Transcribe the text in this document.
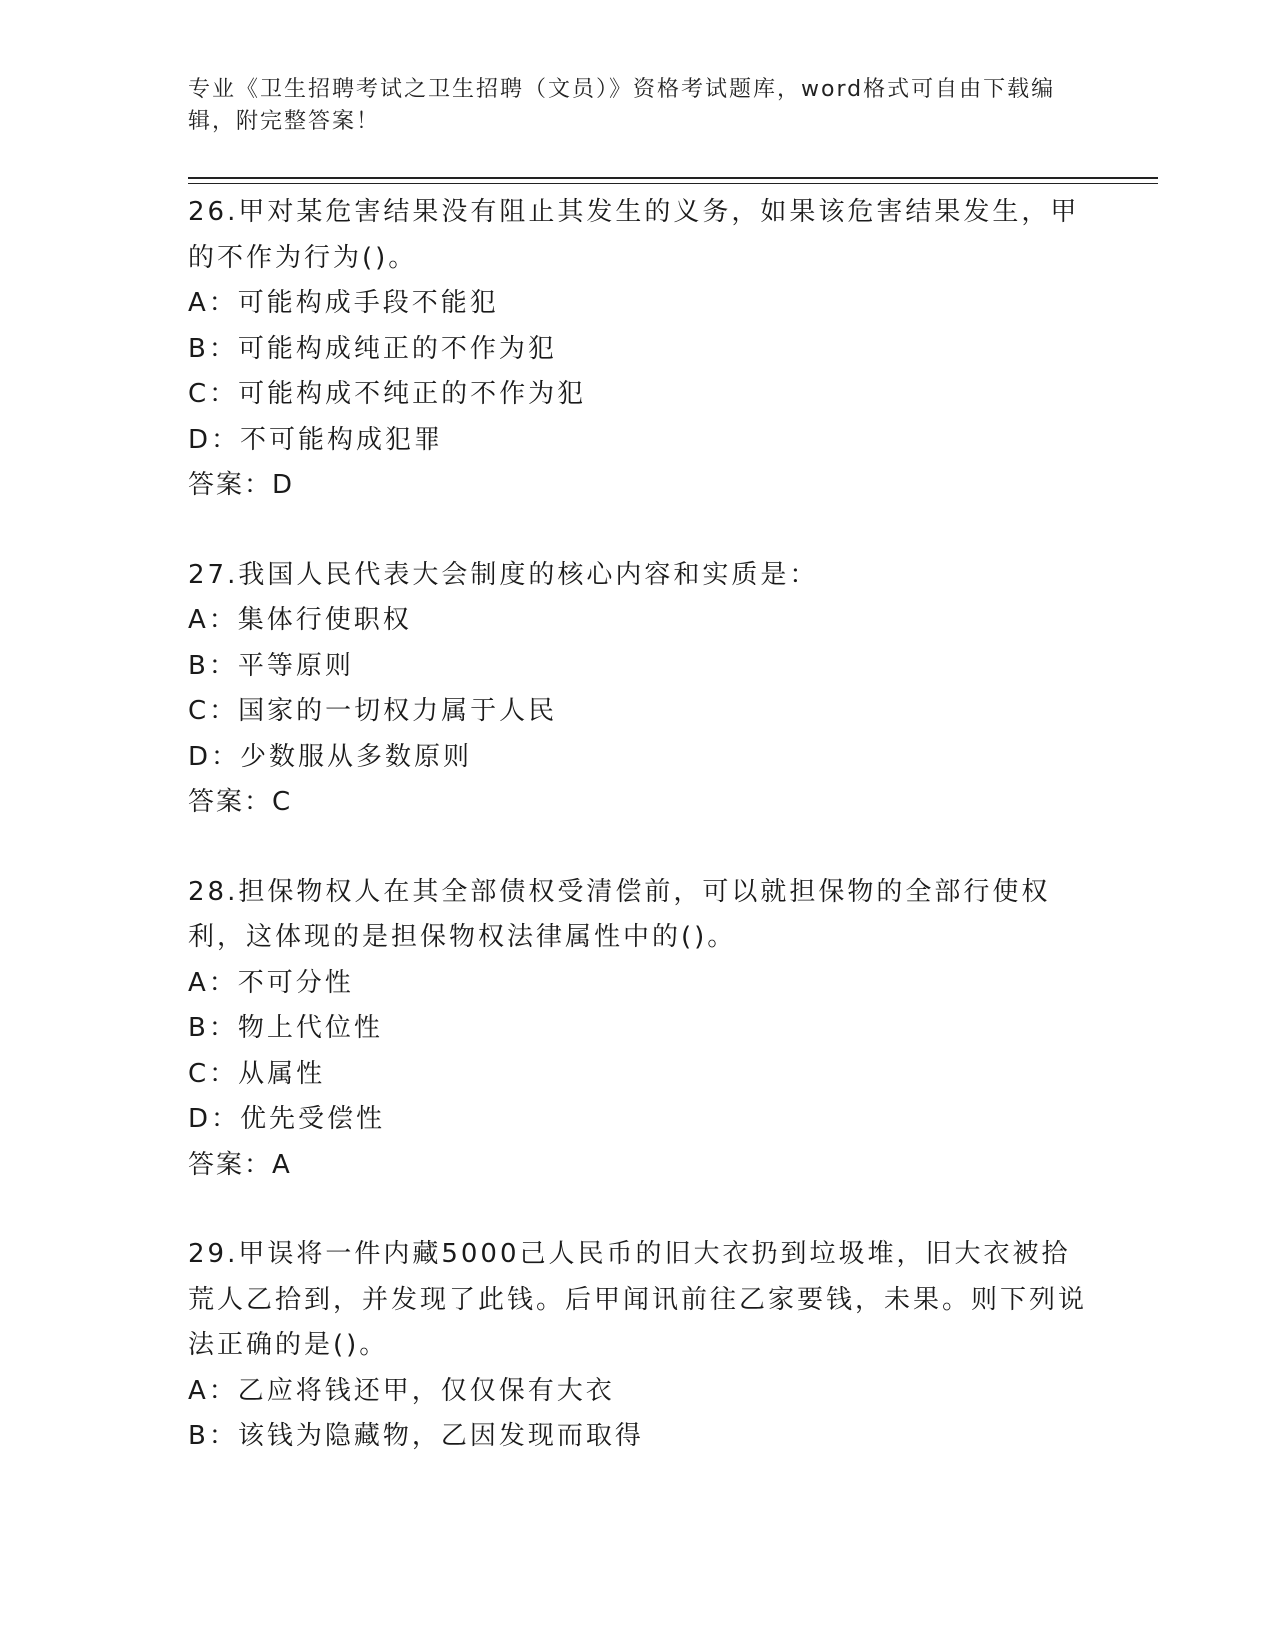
专业《卫生招聘考试之卫生招聘（文员）》资格考试题库，word格式可自由下载编辑，附完整答案！

26.甲对某危害结果没有阻止其发生的义务，如果该危害结果发生，甲的不作为行为()。

A：可能构成手段不能犯

B：可能构成纯正的不作为犯

C：可能构成不纯正的不作为犯

D：不可能构成犯罪

答案：D

27.我国人民代表大会制度的核心内容和实质是：

A：集体行使职权

B：平等原则

C：国家的一切权力属于人民

D：少数服从多数原则

答案：C

28.担保物权人在其全部债权受清偿前，可以就担保物的全部行使权利，这体现的是担保物权法律属性中的()。

A：不可分性

B：物上代位性

C：从属性

D：优先受偿性

答案：A

29.甲误将一件内藏5000己人民币的旧大衣扔到垃圾堆，旧大衣被拾荒人乙拾到，并发现了此钱。后甲闻讯前往乙家要钱，未果。则下列说法正确的是()。

A：乙应将钱还甲，仅仅保有大衣

B：该钱为隐藏物，乙因发现而取得
